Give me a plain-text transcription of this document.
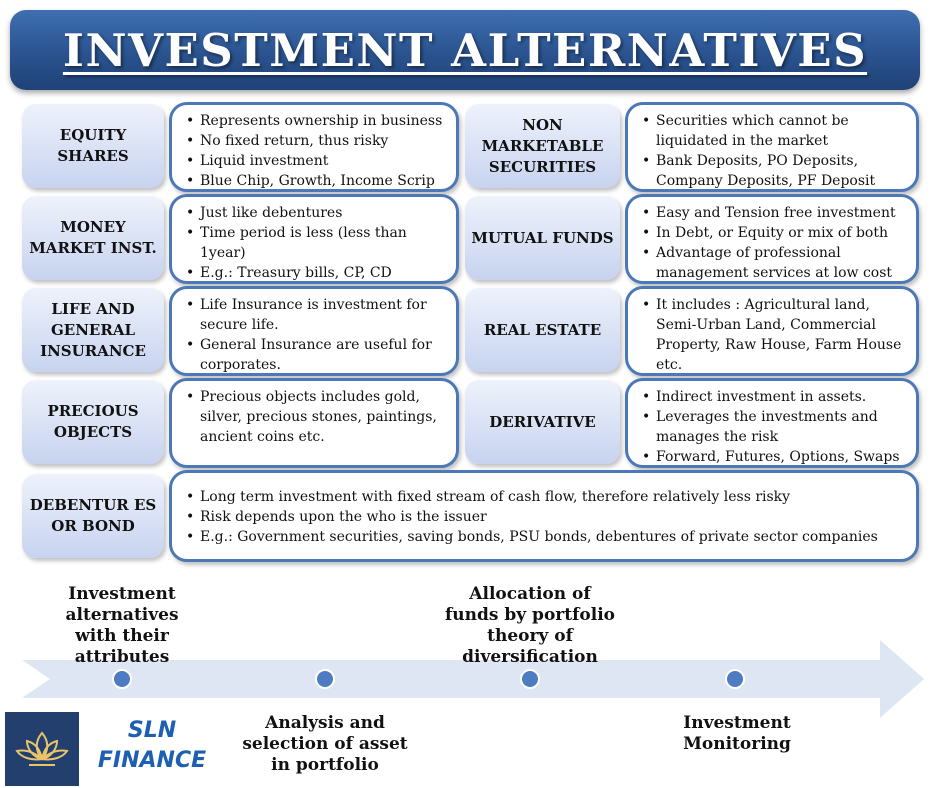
INVESTMENT ALTERNATIVES
EQUITY SHARES
• Represents ownership in business
• No fixed return, thus risky
• Liquid investment
• Blue Chip, Growth, Income Scrip
NON MARKETABLE SECURITIES
• Securities which cannot be liquidated in the market
• Bank Deposits, PO Deposits, Company Deposits, PF Deposit
MONEY MARKET INST.
• Just like debentures
• Time period is less (less than 1year)
• E.g.: Treasury bills, CP, CD
MUTUAL FUNDS
• Easy and Tension free investment
• In Debt, or Equity or mix of both
• Advantage of professional management services at low cost
LIFE AND GENERAL INSURANCE
• Life Insurance is investment for secure life.
• General Insurance are useful for corporates.
REAL ESTATE
• It includes : Agricultural land, Semi-Urban Land, Commercial Property, Raw House, Farm House etc.
PRECIOUS OBJECTS
• Precious objects includes gold, silver, precious stones, paintings, ancient coins etc.
DERIVATIVE
• Indirect investment in assets.
• Leverages the investments and manages the risk
• Forward, Futures, Options, Swaps
DEBENTUR ES OR BOND
• Long term investment with fixed stream of cash flow, therefore relatively less risky
• Risk depends upon the who is the issuer
• E.g.: Government securities, saving bonds, PSU bonds, debentures of private sector companies
Investment alternatives with their attributes
Analysis and selection of asset in portfolio
Allocation of funds by portfolio theory of diversification
Investment Monitoring
SLN FINANCE
